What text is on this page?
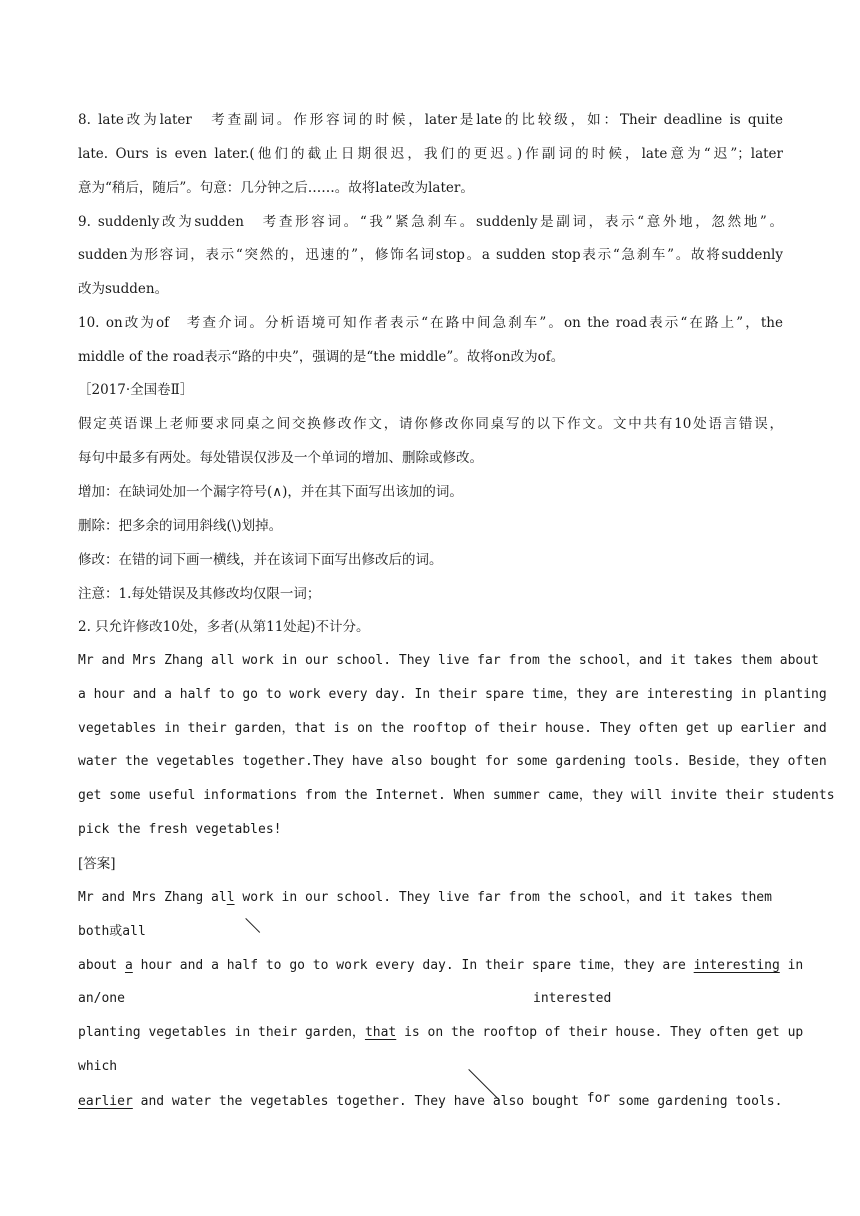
8. late改为later　考查副词。作形容词的时候，later是late的比较级，如：Their deadline is quite
late. Ours is even later.(他们的截止日期很迟，我们的更迟。)作副词的时候，late意为“迟”；later
意为“稍后，随后”。句意：几分钟之后……。故将late改为later。
9. suddenly改为sudden　考查形容词。“我”紧急刹车。suddenly是副词，表示“意外地，忽然地”。
sudden为形容词，表示“突然的，迅速的”，修饰名词stop。a sudden stop表示“急刹车”。故将suddenly
改为sudden。
10. on改为of　考查介词。分析语境可知作者表示“在路中间急刹车”。on the road表示“在路上”，the
middle of the road表示“路的中央”，强调的是“the middle”。故将on改为of。
［2017·全国卷Ⅱ］
假定英语课上老师要求同桌之间交换修改作文，请你修改你同桌写的以下作文。文中共有10处语言错误，
每句中最多有两处。每处错误仅涉及一个单词的增加、删除或修改。
增加：在缺词处加一个漏字符号(∧)，并在其下面写出该加的词。
删除：把多余的词用斜线(\)划掉。
修改：在错的词下画一横线，并在该词下面写出修改后的词。
注意：1.每处错误及其修改均仅限一词；
2. 只允许修改10处，多者(从第11处起)不计分。
Mr and Mrs Zhang all work in our school. They live far from the school，and it takes them about
a hour and a half to go to work every day. In their spare time，they are interesting in planting
vegetables in their garden，that is on the rooftop of their house. They often get up earlier and
water the vegetables together.They have also bought for some gardening tools. Beside，they often
get some useful informations from the Internet. When summer came，they will invite their students
pick the fresh vegetables!
[答案]
Mr and Mrs Zhang all work in our school. They live far from the school，and it takes them
both或all
about a hour and a half to go to work every day. In their spare time，they are interesting in
an/one	interested
planting vegetables in their garden，that is on the rooftop of their house. They often get up
which
earlier and water the vegetables together. They have also bought for some gardening tools.
